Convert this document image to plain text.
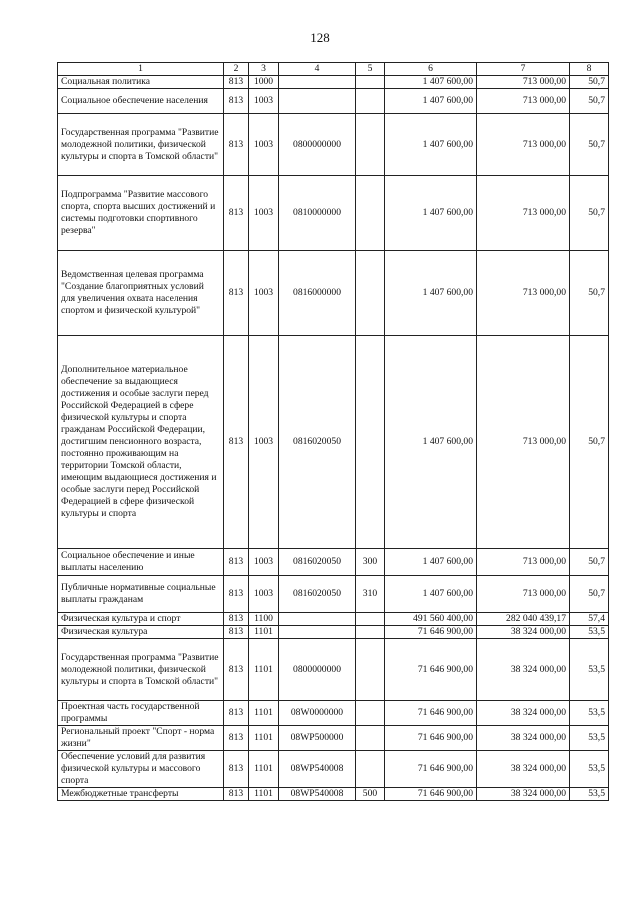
128
1	2	3	4	5	6	7	8
Социальная политика	813	1000			1 407 600,00	713 000,00	50,7
Социальное обеспечение населения	813	1003			1 407 600,00	713 000,00	50,7
Государственная программа "Развитие молодежной политики, физической культуры и спорта в Томской области"	813	1003	0800000000		1 407 600,00	713 000,00	50,7
Подпрограмма "Развитие массового спорта, спорта высших достижений и системы подготовки спортивного резерва"	813	1003	0810000000		1 407 600,00	713 000,00	50,7
Ведомственная целевая программа "Создание благоприятных условий для увеличения охвата населения спортом и физической культурой"	813	1003	0816000000		1 407 600,00	713 000,00	50,7
Дополнительное материальное обеспечение за выдающиеся достижения и особые заслуги перед Российской Федерацией в сфере физической культуры и спорта гражданам Российской Федерации, достигшим пенсионного возраста, постоянно проживающим на территории Томской области, имеющим выдающиеся достижения и особые заслуги перед Российской Федерацией в сфере физической культуры и спорта	813	1003	0816020050		1 407 600,00	713 000,00	50,7
Социальное обеспечение и иные выплаты населению	813	1003	0816020050	300	1 407 600,00	713 000,00	50,7
Публичные нормативные социальные выплаты гражданам	813	1003	0816020050	310	1 407 600,00	713 000,00	50,7
Физическая культура и спорт	813	1100			491 560 400,00	282 040 439,17	57,4
Физическая культура	813	1101			71 646 900,00	38 324 000,00	53,5
Государственная программа "Развитие молодежной политики, физической культуры и спорта в Томской области"	813	1101	0800000000		71 646 900,00	38 324 000,00	53,5
Проектная часть государственной программы	813	1101	08W0000000		71 646 900,00	38 324 000,00	53,5
Региональный проект "Спорт - норма жизни"	813	1101	08WP500000		71 646 900,00	38 324 000,00	53,5
Обеспечение условий для развития физической культуры и массового спорта	813	1101	08WP540008		71 646 900,00	38 324 000,00	53,5
Межбюджетные трансферты	813	1101	08WP540008	500	71 646 900,00	38 324 000,00	53,5
